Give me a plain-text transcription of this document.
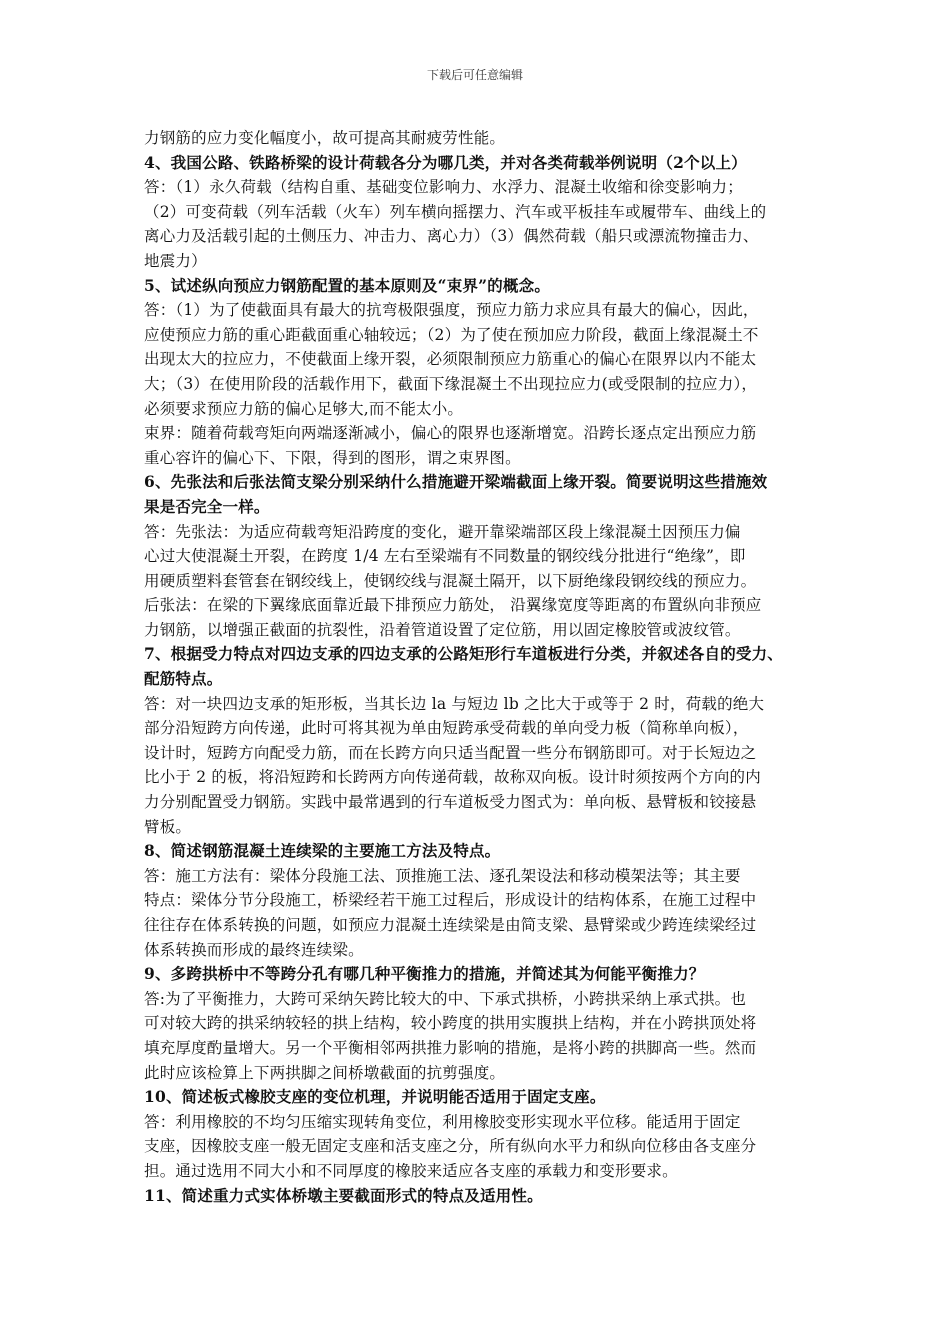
下载后可任意编辑
力钢筋的应力变化幅度小，故可提高其耐疲劳性能。
4、我国公路、铁路桥梁的设计荷载各分为哪几类，并对各类荷载举例说明（2个以上）
答：（1）永久荷载（结构自重、基础变位影响力、水浮力、混凝土收缩和徐变影响力；
（2）可变荷载（列车活载（火车）列车横向摇摆力、汽车或平板挂车或履带车、曲线上的
离心力及活载引起的土侧压力、冲击力、离心力）（3）偶然荷载（船只或漂流物撞击力、
地震力）
5、试述纵向预应力钢筋配置的基本原则及“束界”的概念。
答：（1）为了使截面具有最大的抗弯极限强度，预应力筋力求应具有最大的偏心，因此，
应使预应力筋的重心距截面重心轴较远；（2）为了使在预加应力阶段，截面上缘混凝土不
出现太大的拉应力，不使截面上缘开裂，必须限制预应力筋重心的偏心在限界以内不能太
大；（3）在使用阶段的活载作用下，截面下缘混凝土不出现拉应力(或受限制的拉应力），
必须要求预应力筋的偏心足够大,而不能太小。
束界：随着荷载弯矩向两端逐渐减小，偏心的限界也逐渐增宽。沿跨长逐点定出预应力筋
重心容许的偏心下、下限，得到的图形，谓之束界图。
6、先张法和后张法简支梁分别采纳什么措施避开梁端截面上缘开裂。简要说明这些措施效
果是否完全一样。
答：先张法：为适应荷载弯矩沿跨度的变化，避开靠梁端部区段上缘混凝土因预压力偏
心过大使混凝土开裂，在跨度 1/4 左右至梁端有不同数量的钢绞线分批进行“绝缘”，即
用硬质塑料套管套在钢绞线上，使钢绞线与混凝土隔开，以下厨绝缘段钢绞线的预应力。
后张法：在梁的下翼缘底面靠近最下排预应力筋处， 沿翼缘宽度等距离的布置纵向非预应
力钢筋，以增强正截面的抗裂性，沿着管道设置了定位筋，用以固定橡胶管或波纹管。
7、根据受力特点对四边支承的四边支承的公路矩形行车道板进行分类，并叙述各自的受力、
配筋特点。
答：对一块四边支承的矩形板，当其长边 la 与短边 lb 之比大于或等于 2 时，荷载的绝大
部分沿短跨方向传递，此时可将其视为单由短跨承受荷载的单向受力板（简称单向板），
设计时，短跨方向配受力筋，而在长跨方向只适当配置一些分布钢筋即可。对于长短边之
比小于 2 的板，将沿短跨和长跨两方向传递荷载，故称双向板。设计时须按两个方向的内
力分别配置受力钢筋。实践中最常遇到的行车道板受力图式为：单向板、悬臂板和铰接悬
臂板。
8、简述钢筋混凝土连续梁的主要施工方法及特点。
答：施工方法有：梁体分段施工法、顶推施工法、逐孔架设法和移动模架法等；其主要
特点：梁体分节分段施工，桥梁经若干施工过程后，形成设计的结构体系，在施工过程中
往往存在体系转换的问题，如预应力混凝土连续梁是由简支梁、悬臂梁或少跨连续梁经过
体系转换而形成的最终连续梁。
9、多跨拱桥中不等跨分孔有哪几种平衡推力的措施，并简述其为何能平衡推力？
答:为了平衡推力，大跨可采纳矢跨比较大的中、下承式拱桥，小跨拱采纳上承式拱。也
可对较大跨的拱采纳较轻的拱上结构，较小跨度的拱用实腹拱上结构，并在小跨拱顶处将
填充厚度酌量增大。另一个平衡相邻两拱推力影响的措施，是将小跨的拱脚高一些。然而
此时应该检算上下两拱脚之间桥墩截面的抗剪强度。
10、简述板式橡胶支座的变位机理，并说明能否适用于固定支座。
答：利用橡胶的不均匀压缩实现转角变位，利用橡胶变形实现水平位移。能适用于固定
支座，因橡胶支座一般无固定支座和活支座之分，所有纵向水平力和纵向位移由各支座分
担。通过选用不同大小和不同厚度的橡胶来适应各支座的承载力和变形要求。
11、简述重力式实体桥墩主要截面形式的特点及适用性。
